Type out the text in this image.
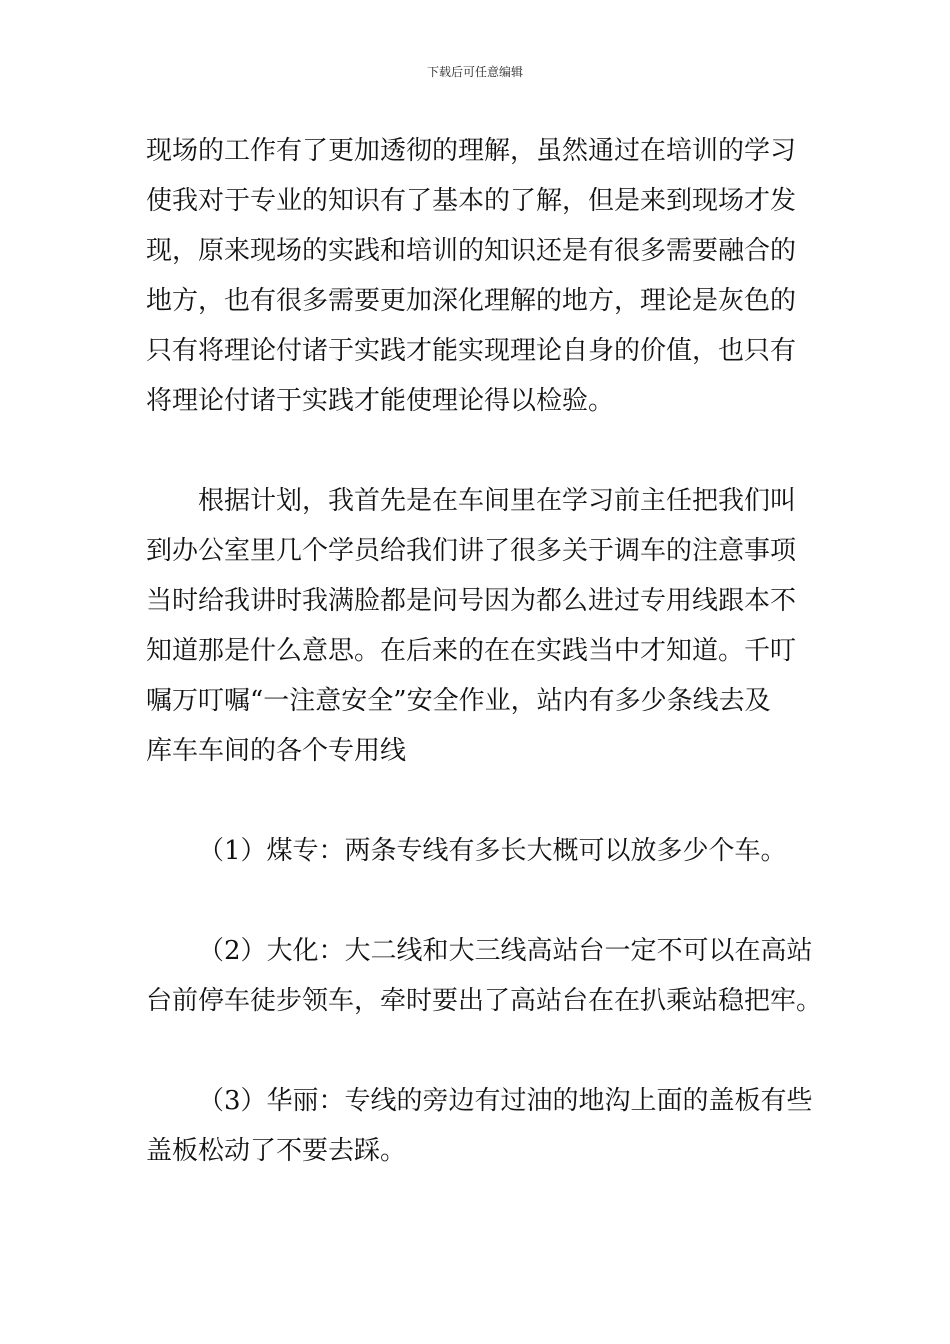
下载后可任意编辑

现场的工作有了更加透彻的理解，虽然通过在培训的学习
使我对于专业的知识有了基本的了解，但是来到现场才发
现，原来现场的实践和培训的知识还是有很多需要融合的
地方，也有很多需要更加深化理解的地方，理论是灰色的
只有将理论付诸于实践才能实现理论自身的价值，也只有
将理论付诸于实践才能使理论得以检验。

根据计划，我首先是在车间里在学习前主任把我们叫
到办公室里几个学员给我们讲了很多关于调车的注意事项
当时给我讲时我满脸都是问号因为都么进过专用线跟本不
知道那是什么意思。在后来的在在实践当中才知道。千叮
嘱万叮嘱“一注意安全”安全作业，站内有多少条线去及
库车车间的各个专用线

（1）煤专：两条专线有多长大概可以放多少个车。

（2）大化：大二线和大三线高站台一定不可以在高站
台前停车徒步领车，牵时要出了高站台在在扒乘站稳把牢。

（3）华丽：专线的旁边有过油的地沟上面的盖板有些
盖板松动了不要去踩。
